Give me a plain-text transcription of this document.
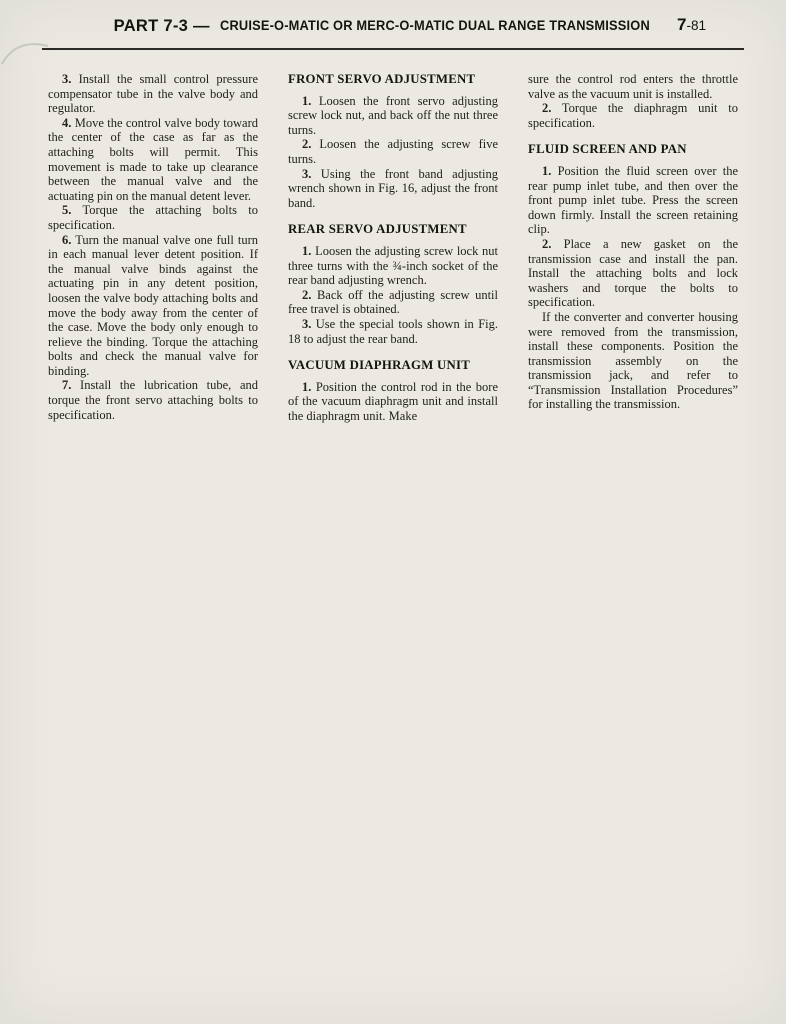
PART 7-3 — CRUISE-O-MATIC OR MERC-O-MATIC DUAL RANGE TRANSMISSION 7-81

3. Install the small control pressure compensator tube in the valve body and regulator.

4. Move the control valve body toward the center of the case as far as the attaching bolts will permit. This movement is made to take up clearance between the manual valve and the actuating pin on the manual detent lever.

5. Torque the attaching bolts to specification.

6. Turn the manual valve one full turn in each manual lever detent position. If the manual valve binds against the actuating pin in any detent position, loosen the valve body attaching bolts and move the body away from the center of the case. Move the body only enough to relieve the binding. Torque the attaching bolts and check the manual valve for binding.

7. Install the lubrication tube, and torque the front servo attaching bolts to specification.

FRONT SERVO ADJUSTMENT

1. Loosen the front servo adjusting screw lock nut, and back off the nut three turns.

2. Loosen the adjusting screw five turns.

3. Using the front band adjusting wrench shown in Fig. 16, adjust the front band.

REAR SERVO ADJUSTMENT

1. Loosen the adjusting screw lock nut three turns with the ¾-inch socket of the rear band adjusting wrench.

2. Back off the adjusting screw until free travel is obtained.

3. Use the special tools shown in Fig. 18 to adjust the rear band.

VACUUM DIAPHRAGM UNIT

1. Position the control rod in the bore of the vacuum diaphragm unit and install the diaphragm unit. Make

sure the control rod enters the throttle valve as the vacuum unit is installed.

2. Torque the diaphragm unit to specification.

FLUID SCREEN AND PAN

1. Position the fluid screen over the rear pump inlet tube, and then over the front pump inlet tube. Press the screen down firmly. Install the screen retaining clip.

2. Place a new gasket on the transmission case and install the pan. Install the attaching bolts and lock washers and torque the bolts to specification.

If the converter and converter housing were removed from the transmission, install these components. Position the transmission assembly on the transmission jack, and refer to “Transmission Installation Procedures” for installing the transmission.
